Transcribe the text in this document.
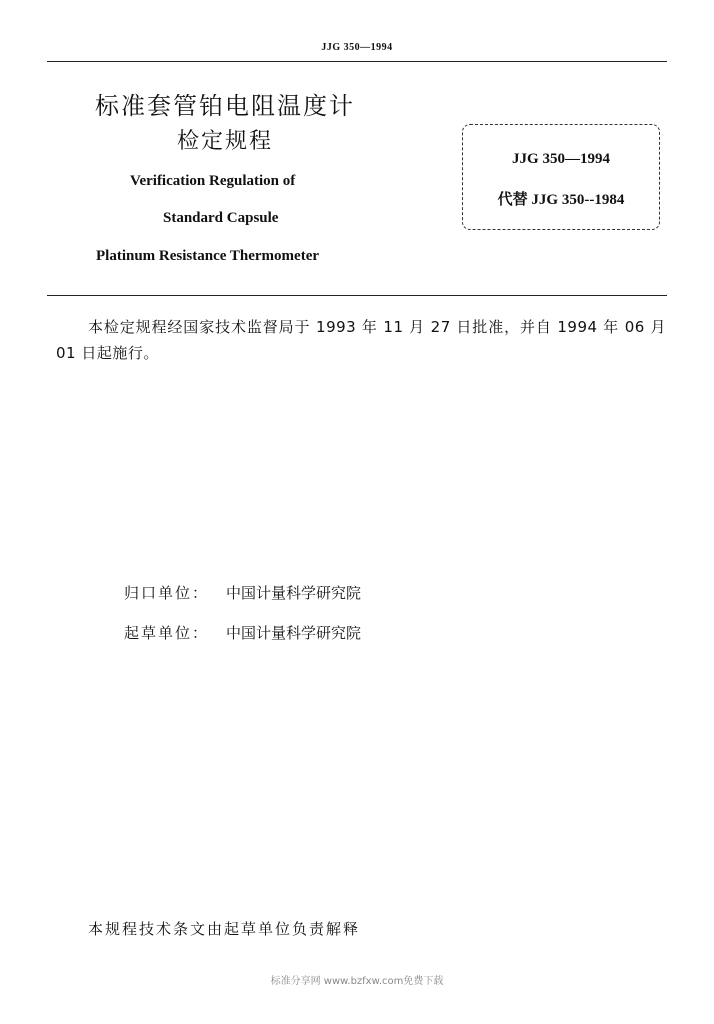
JJG 350—1994
标准套管铂电阻温度计
检定规程
Verification Regulation of
Standard Capsule
Platinum Resistance Thermometer
JJG 350—1994
代替 JJG 350--1984
本检定规程经国家技术监督局于 1993 年 11 月 27 日批准，并自 1994 年 06 月 01 日起施行。
归口单位： 中国计量科学研究院
起草单位： 中国计量科学研究院
本规程技术条文由起草单位负责解释
标准分享网 www.bzfxw.com免费下载
